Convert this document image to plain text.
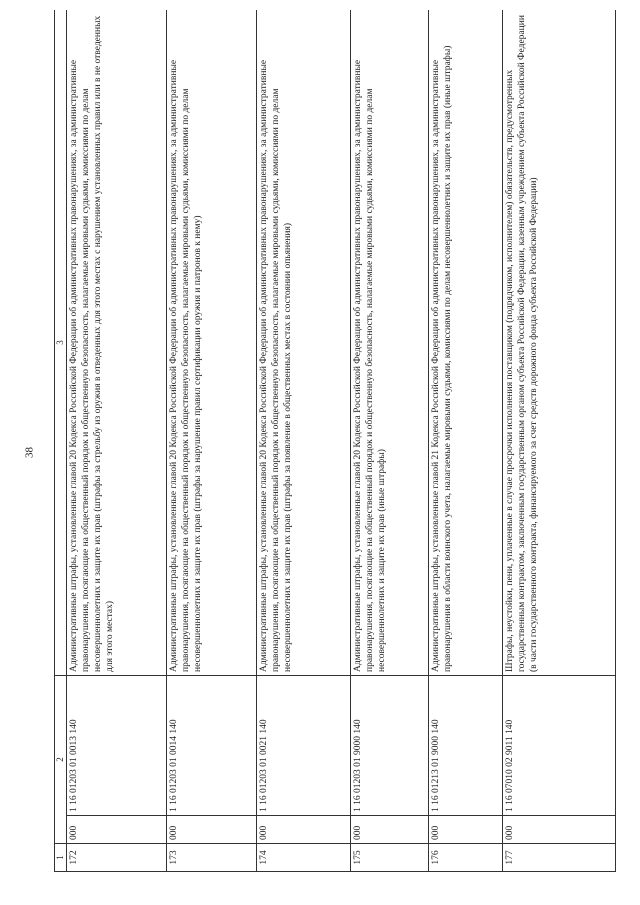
38
1	2		3
172	000	1 16 01203 01 0013 140	Административные штрафы, установленные главой 20 Кодекса Российской Федерации об административных правонарушениях, за административные правонарушения, посягающие на общественный порядок и общественную безопасность, налагаемые мировыми судьями, комиссиями по делам несовершеннолетних и защите их прав (штрафы за стрельбу из оружия в отведенных для этого местах с нарушением установленных правил или в не отведенных для этого местах)
173	000	1 16 01203 01 0014 140	Административные штрафы, установленные главой 20 Кодекса Российской Федерации об административных правонарушениях, за административные правонарушения, посягающие на общественный порядок и общественную безопасность, налагаемые мировыми судьями, комиссиями по делам несовершеннолетних и защите их прав (штрафы за нарушение правил сертификации оружия и патронов к нему)
174	000	1 16 01203 01 0021 140	Административные штрафы, установленные главой 20 Кодекса Российской Федерации об административных правонарушениях, за административные правонарушения, посягающие на общественный порядок и общественную безопасность, налагаемые мировыми судьями, комиссиями по делам несовершеннолетних и защите их прав (штрафы за появление в общественных местах в состоянии опьянения)
175	000	1 16 01203 01 9000 140	Административные штрафы, установленные главой 20 Кодекса Российской Федерации об административных правонарушениях, за административные правонарушения, посягающие на общественный порядок и общественную безопасность, налагаемые мировыми судьями, комиссиями по делам несовершеннолетних и защите их прав (иные штрафы)
176	000	1 16 01213 01 9000 140	Административные штрафы, установленные главой 21 Кодекса Российской Федерации об административных правонарушениях, за административные правонарушения в области воинского учета, налагаемые мировыми судьями, комиссиями по делам несовершеннолетних и защите их прав (иные штрафы)
177	000	1 16 07010 02 9011 140	Штрафы, неустойки, пени, уплаченные в случае просрочки исполнения поставщиком (подрядчиком, исполнителем) обязательств, предусмотренных государственным контрактом, заключенным государственным органом субъекта Российской Федерации, казенным учреждением субъекта Российской Федерации (в части государственного контракта, финансируемого за счет средств дорожного фонда субъекта Российской Федерации)
